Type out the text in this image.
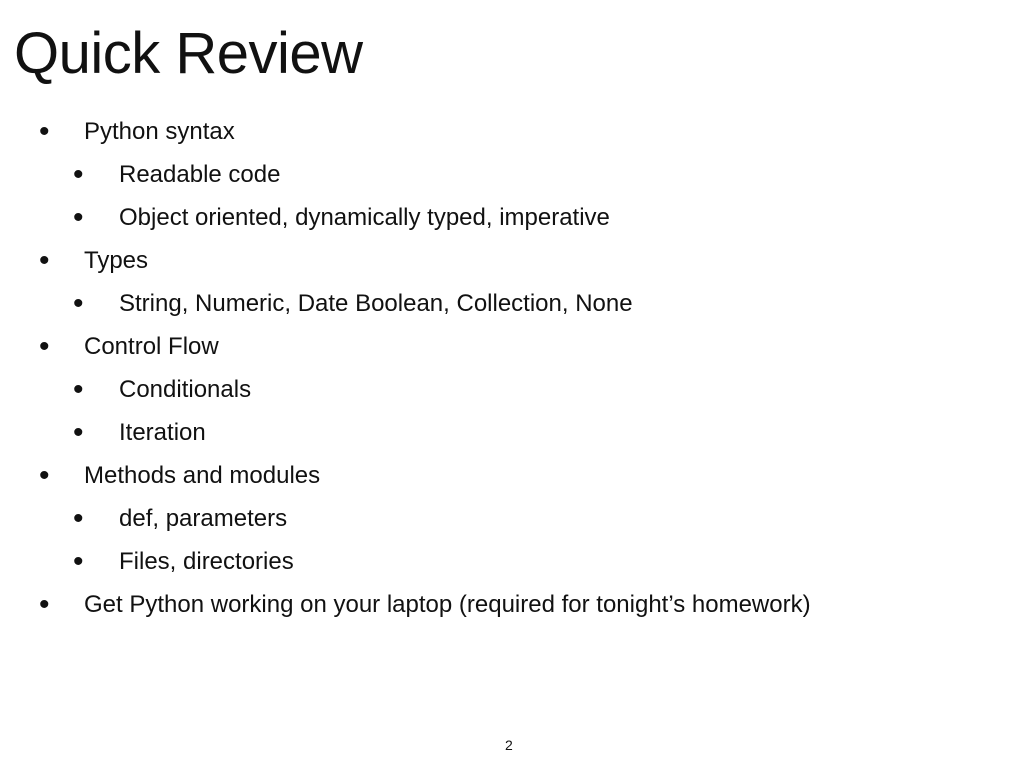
Quick Review
• Python syntax
• Readable code
• Object oriented, dynamically typed, imperative
• Types
• String, Numeric, Date Boolean, Collection, None
• Control Flow
• Conditionals
• Iteration
• Methods and modules
• def, parameters
• Files, directories
• Get Python working on your laptop (required for tonight’s homework)
2
